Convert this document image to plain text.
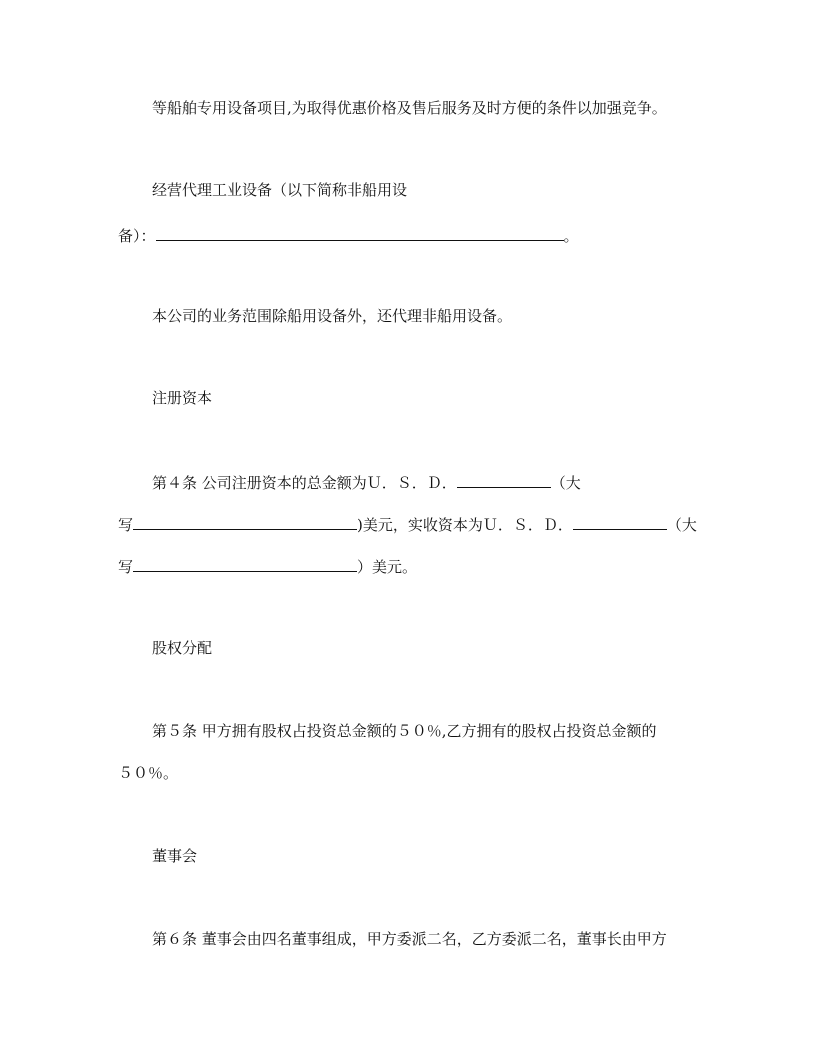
等船舶专用设备项目,为取得优惠价格及售后服务及时方便的条件以加强竞争。
经营代理工业设备（以下简称非船用设
备）：	。
本公司的业务范围除船用设备外，还代理非船用设备。
注册资本
第４条 公司注册资本的总金额为Ｕ．Ｓ．Ｄ．	（大
写	)美元，实收资本为Ｕ．Ｓ．Ｄ．	（大
写	）美元。
股权分配
第５条 甲方拥有股权占投资总金额的５０％,乙方拥有的股权占投资总金额的
５０％。
董事会
第６条 董事会由四名董事组成，甲方委派二名，乙方委派二名，董事长由甲方
